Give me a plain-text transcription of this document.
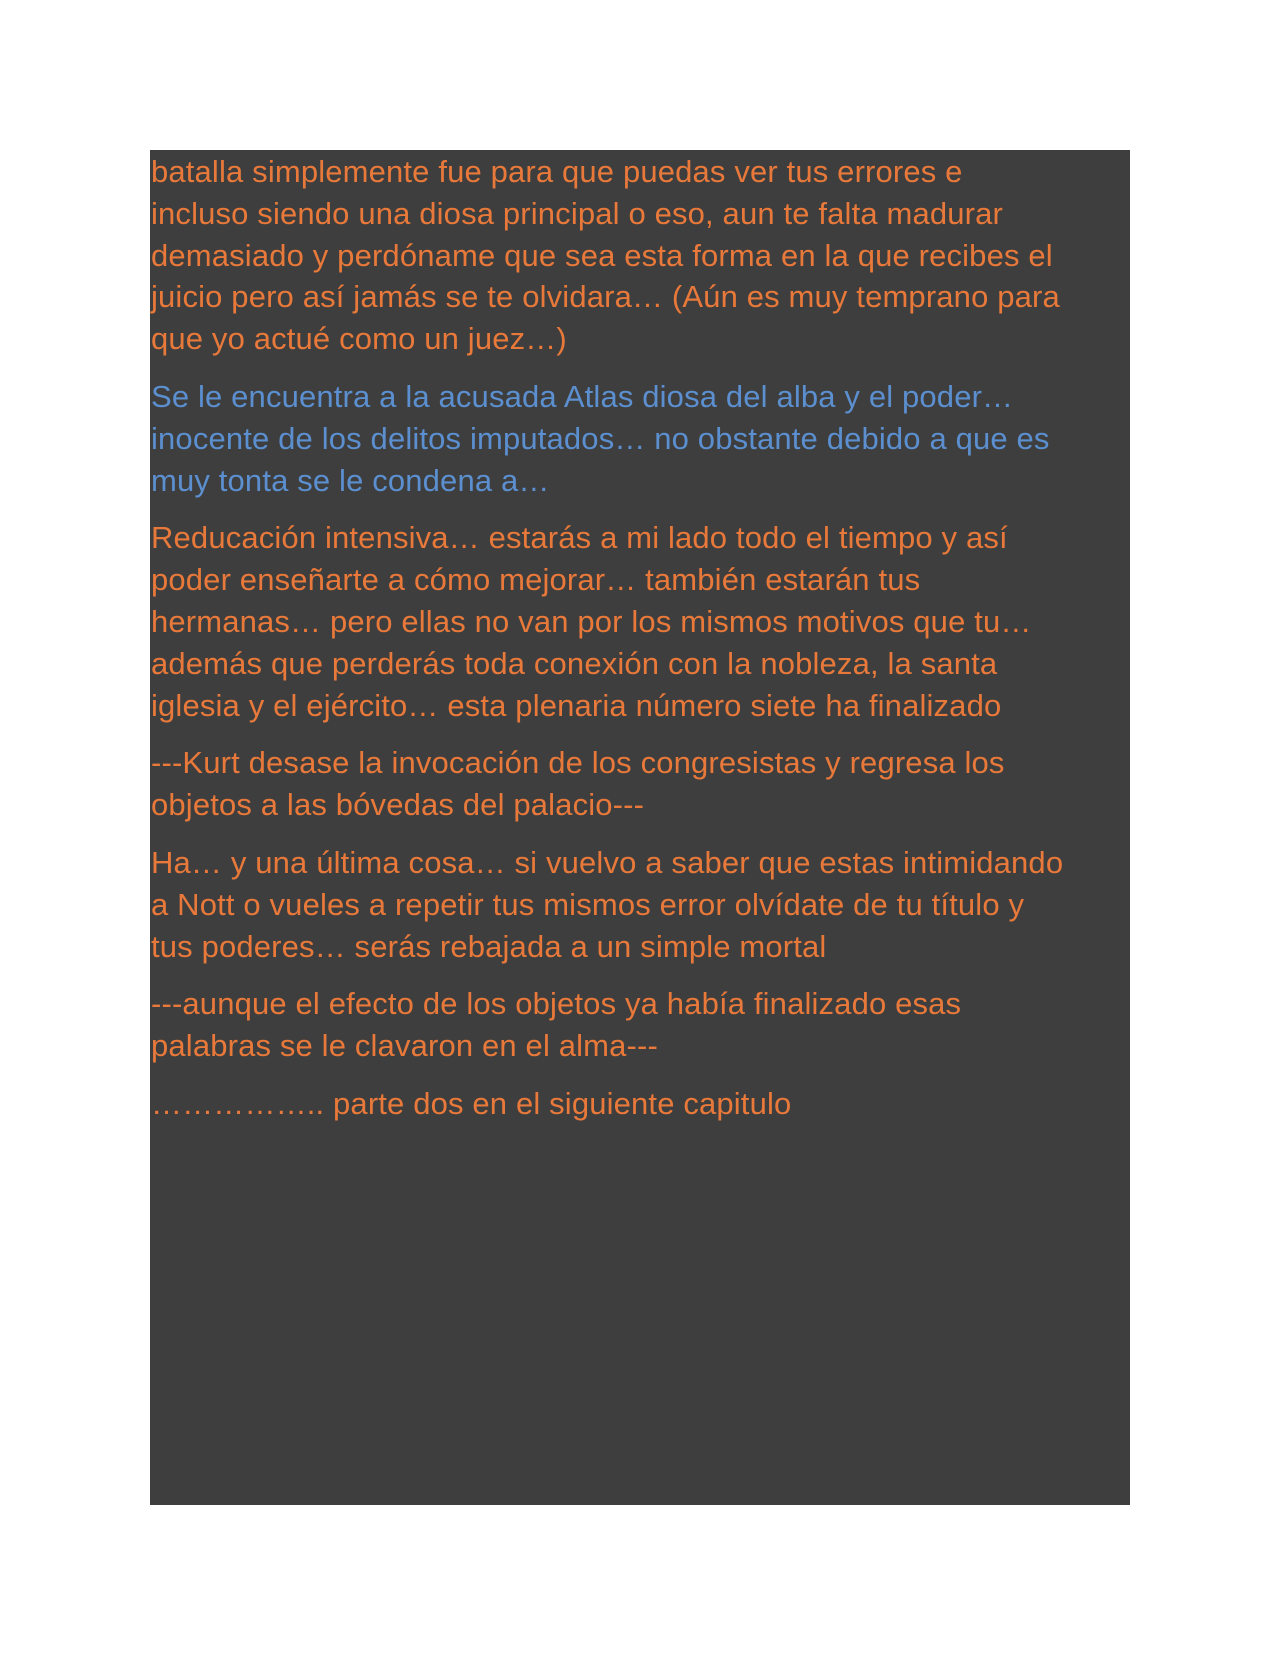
batalla simplemente fue para que puedas ver tus errores e
incluso siendo una diosa principal o eso, aun te falta madurar
demasiado y perdóname que sea esta forma en la que recibes el
juicio pero así jamás se te olvidara… (Aún es muy temprano para
que yo actué como un juez…)

Se le encuentra a la acusada Atlas diosa del alba y el poder…
inocente de los delitos imputados… no obstante debido a que es
muy tonta se le condena a…

Reducación intensiva… estarás a mi lado todo el tiempo y así
poder enseñarte a cómo mejorar… también estarán tus
hermanas… pero ellas no van por los mismos motivos que tu…
además que perderás toda conexión con la nobleza, la santa
iglesia y el ejército… esta plenaria número siete ha finalizado

---Kurt desase la invocación de los congresistas y regresa los
objetos a las bóvedas del palacio---

Ha… y una última cosa… si vuelvo a saber que estas intimidando
a Nott o vueles a repetir tus mismos error olvídate de tu título y
tus poderes… serás rebajada a un simple mortal

---aunque el efecto de los objetos ya había finalizado esas
palabras se le clavaron en el alma---

…………….. parte dos en el siguiente capitulo
